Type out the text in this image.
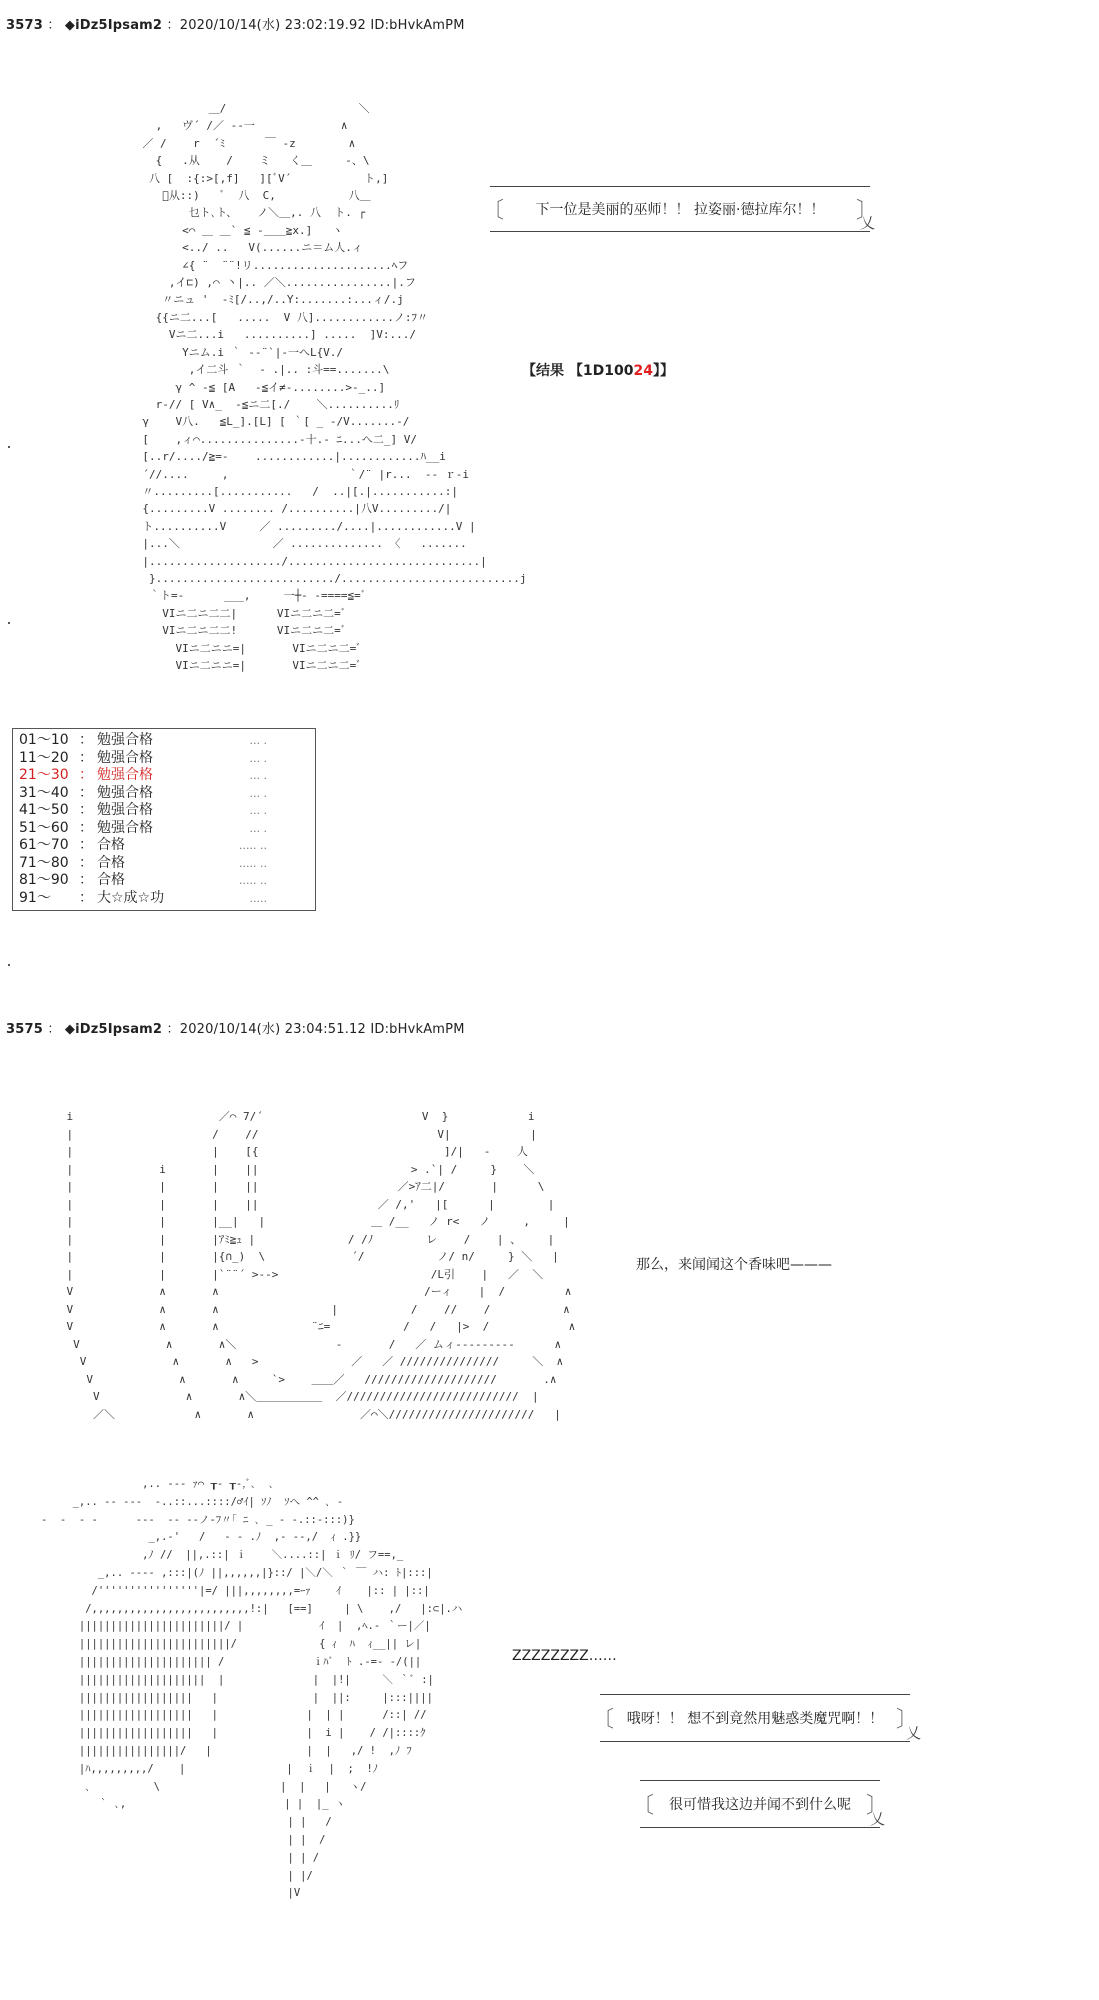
3573 ： ◆iDz5Ipsam2 ：2020/10/14(水) 23:02:19.92 ID:bHvkAmPM
＿/                    ＼
,   ヴ´ /／ ‐‐一             ∧
／ /    r  ´ﾐ      ￣ ‐z        ∧
{   .从    /    ミ   く＿     ‐、\
八 [  :{:>[,f]   ][ﾞV´           ト,]
ﾞ从::)   ﾞ  八  C,           八＿
乜ト､ト、   ノ＼＿,. 八  ト. ┌
<⌒ ＿ ＿` ≦ -＿＿≧x.]   ヽ
<../ ..   V(......ニ＝ム人.ィ
∠{ ¨  ¨¨!リ.....................ﾍフ
,イ⊏) ,⌒ 丶|.. ／＼................|.フ
〃ニュ '  -ﾐ[/..,/..Y:.......:...ィ/.j
{{ニ二...[   .....  V 八]............ノ:ﾌ〃
Vニ二...i   ..........] .....  ]V:.../
Yニム.i ｀ ‐‐¨`|‐一へL{V./
,イ二斗 ｀  - .|.. :斗==.......\
γ ^ ‐≦ [A   -≦イ≠-........>‐_..]
r‐// [ V∧_  ‐≦ニ二[./    ＼..........ﾘ
γ    V八.   ≦L_].[L] [ ｀[ _ ‐/V.......-/
[    ,ィ⌒...............‐十.‐ ﾆ...へ二_] V/
[..r/..../≧=-    ............|............ﾊ__i
´//....     ,                  ｀/¨ |r...  ‐‐ ｒ‐i
〃.........[...........   /  ..|[.|...........:|
{.........V ........ /..........|八V........./|
ト..........V     ／ ........./....|............V |
|...＼              ／ .............. 〈   .......
|..................../.............................|
}.........................../...........................j
｀ト=-      ___,     一┼‐ ‐====≦=ﾞ
VIニ二ニ二二|      VIニ二ニ二=ﾞ
VIニ二ニ二二!      VIニ二ニ二=ﾞ
VIニ二ニニ=|       VIニ二ニ二=ﾞ
VIニ二ニニ=|       VIニ二ニ二=ﾞ
〔 下一位是美丽的巫师！！ 拉姿丽·德拉库尔！！
〕
乂
【结果 【1D10024】】
01～10 ： 勉强合格	... .
11～20 ： 勉强合格	... .
21～30 ： 勉强合格	... .
31～40 ： 勉强合格	... .
41～50 ： 勉强合格	... .
51～60 ： 勉强合格	... .
61～70 ： 合格	..... ..
71～80 ： 合格	..... ..
81～90 ： 合格	..... ..
91～	： 大☆成☆功	.....
3575 ： ◆iDz5Ipsam2 ：2020/10/14(水) 23:04:51.12 ID:bHvkAmPM
i                      ／⌒ 7/´                        V  }            i
|                     /    //                           V|            |
|                     |    [{                            ]/|   ‐    人
|             i       |    ||                       > .`| /     }    ＼
|             |       |    ||                     ／>ｱ二|/       |      \
|             |       |    ||                  ／ /,'   |[      |        |
|             |       |__|   |                ＿ /__   ノ r<   ノ     ,     |
|             |       |ｱﾐ≧ｭ |              / /ﾉ        レ    /    | 、    |
|             |       |{∩_)  \             ´/           ノ/ n/     } ＼   |
|             |       |`¨¨´ >-->                       /L引    |   ／  ＼
V             ∧       ∧                               /ーィ    |  /         ∧
V             ∧       ∧                 |           /    //    /           ∧
V             ∧       ∧              ¨ﾆ=           /   /   |>  /            ∧
V             ∧       ∧＼               ‐       /   ／ ムィ‐‐‐‐‐‐‐‐‐      ∧
V             ∧       ∧   >              ／   ／ ///////////////     ＼  ∧
V             ∧       ∧     `>    ＿＿／   ////////////////////       .∧
V             ∧       ∧＼＿＿＿＿＿＿  ／//////////////////////////  |
／＼            ∧       ∧                ／⌒＼//////////////////////   |
那么，来闻闻这个香味吧———
,.. ‐‐‐ ｧ⌒ ┰‐ ┰‐,ﾞ､  ､
_,.. ‐‐ ‐‐-  ‐..::...::::/♂ｲ| ｿﾉ  ｿへ ^^ ､ -
‐  ‐  ‐ ‐      ‐‐‐  ‐‐ ‐‐ノ‐ﾌ〃｢ ﾆ ､ _ ‐ ‐.::-:::)}
_,.-'   /   ‐ ‐ .ﾉ  ,‐ ‐-,/  ｨ .}}
,ﾉ //  ||,.::| ｉ    ＼....::| ｉ ﾘ/ フ==,_
_,.. ‐‐-‐ ,:::|(ﾉ ||,,,,,,|}::/ |＼/＼ ｀ ￣ ハ: ﾄ|:::|
/''''''''''''''''|=/ |||,,,,,,,,=ｰｧ    ｲ    |:: | |::|
/,,,,,,,,,,,,,,,,,,,,,,,,,!:|   [==]     | \    ,/   |:⊂|.ハ
|||||||||||||||||||||||/ |            ｲ  |  ,ﾍ.‐ ｀ー|／|
||||||||||||||||||||||||/             { ｨ  ﾊ  ｨ__|| レ|
||||||||||||||||||||| /              ｉﾊﾞ  ﾄ .-=‐ -/(||
||||||||||||||||||||  |              |  |!|     ＼ ｀ﾞ :|
||||||||||||||||||   |               |  ||:     |:::||||
||||||||||||||||||   |              |  | |      /::| //
||||||||||||||||||   |              |  i |    / /|::::ｸ
||||||||||||||||/   |               |  |   ,/ !  ,ﾉ ﾌ
|ﾊ,,,,,,,,,/    |                |  ｉ  |  ;  !ﾉ
､          \                   |  |   |   ヽ/
｀ ､,                         | |  |_ ヽ
| |   /
| |  /
| | /
| |/
|V
ZZZZZZZZ……
〔 哦呀！！ 想不到竟然用魅惑类魔咒啊！！
〕
乂
〔 很可惜我这边并闻不到什么呢
〕
乂
